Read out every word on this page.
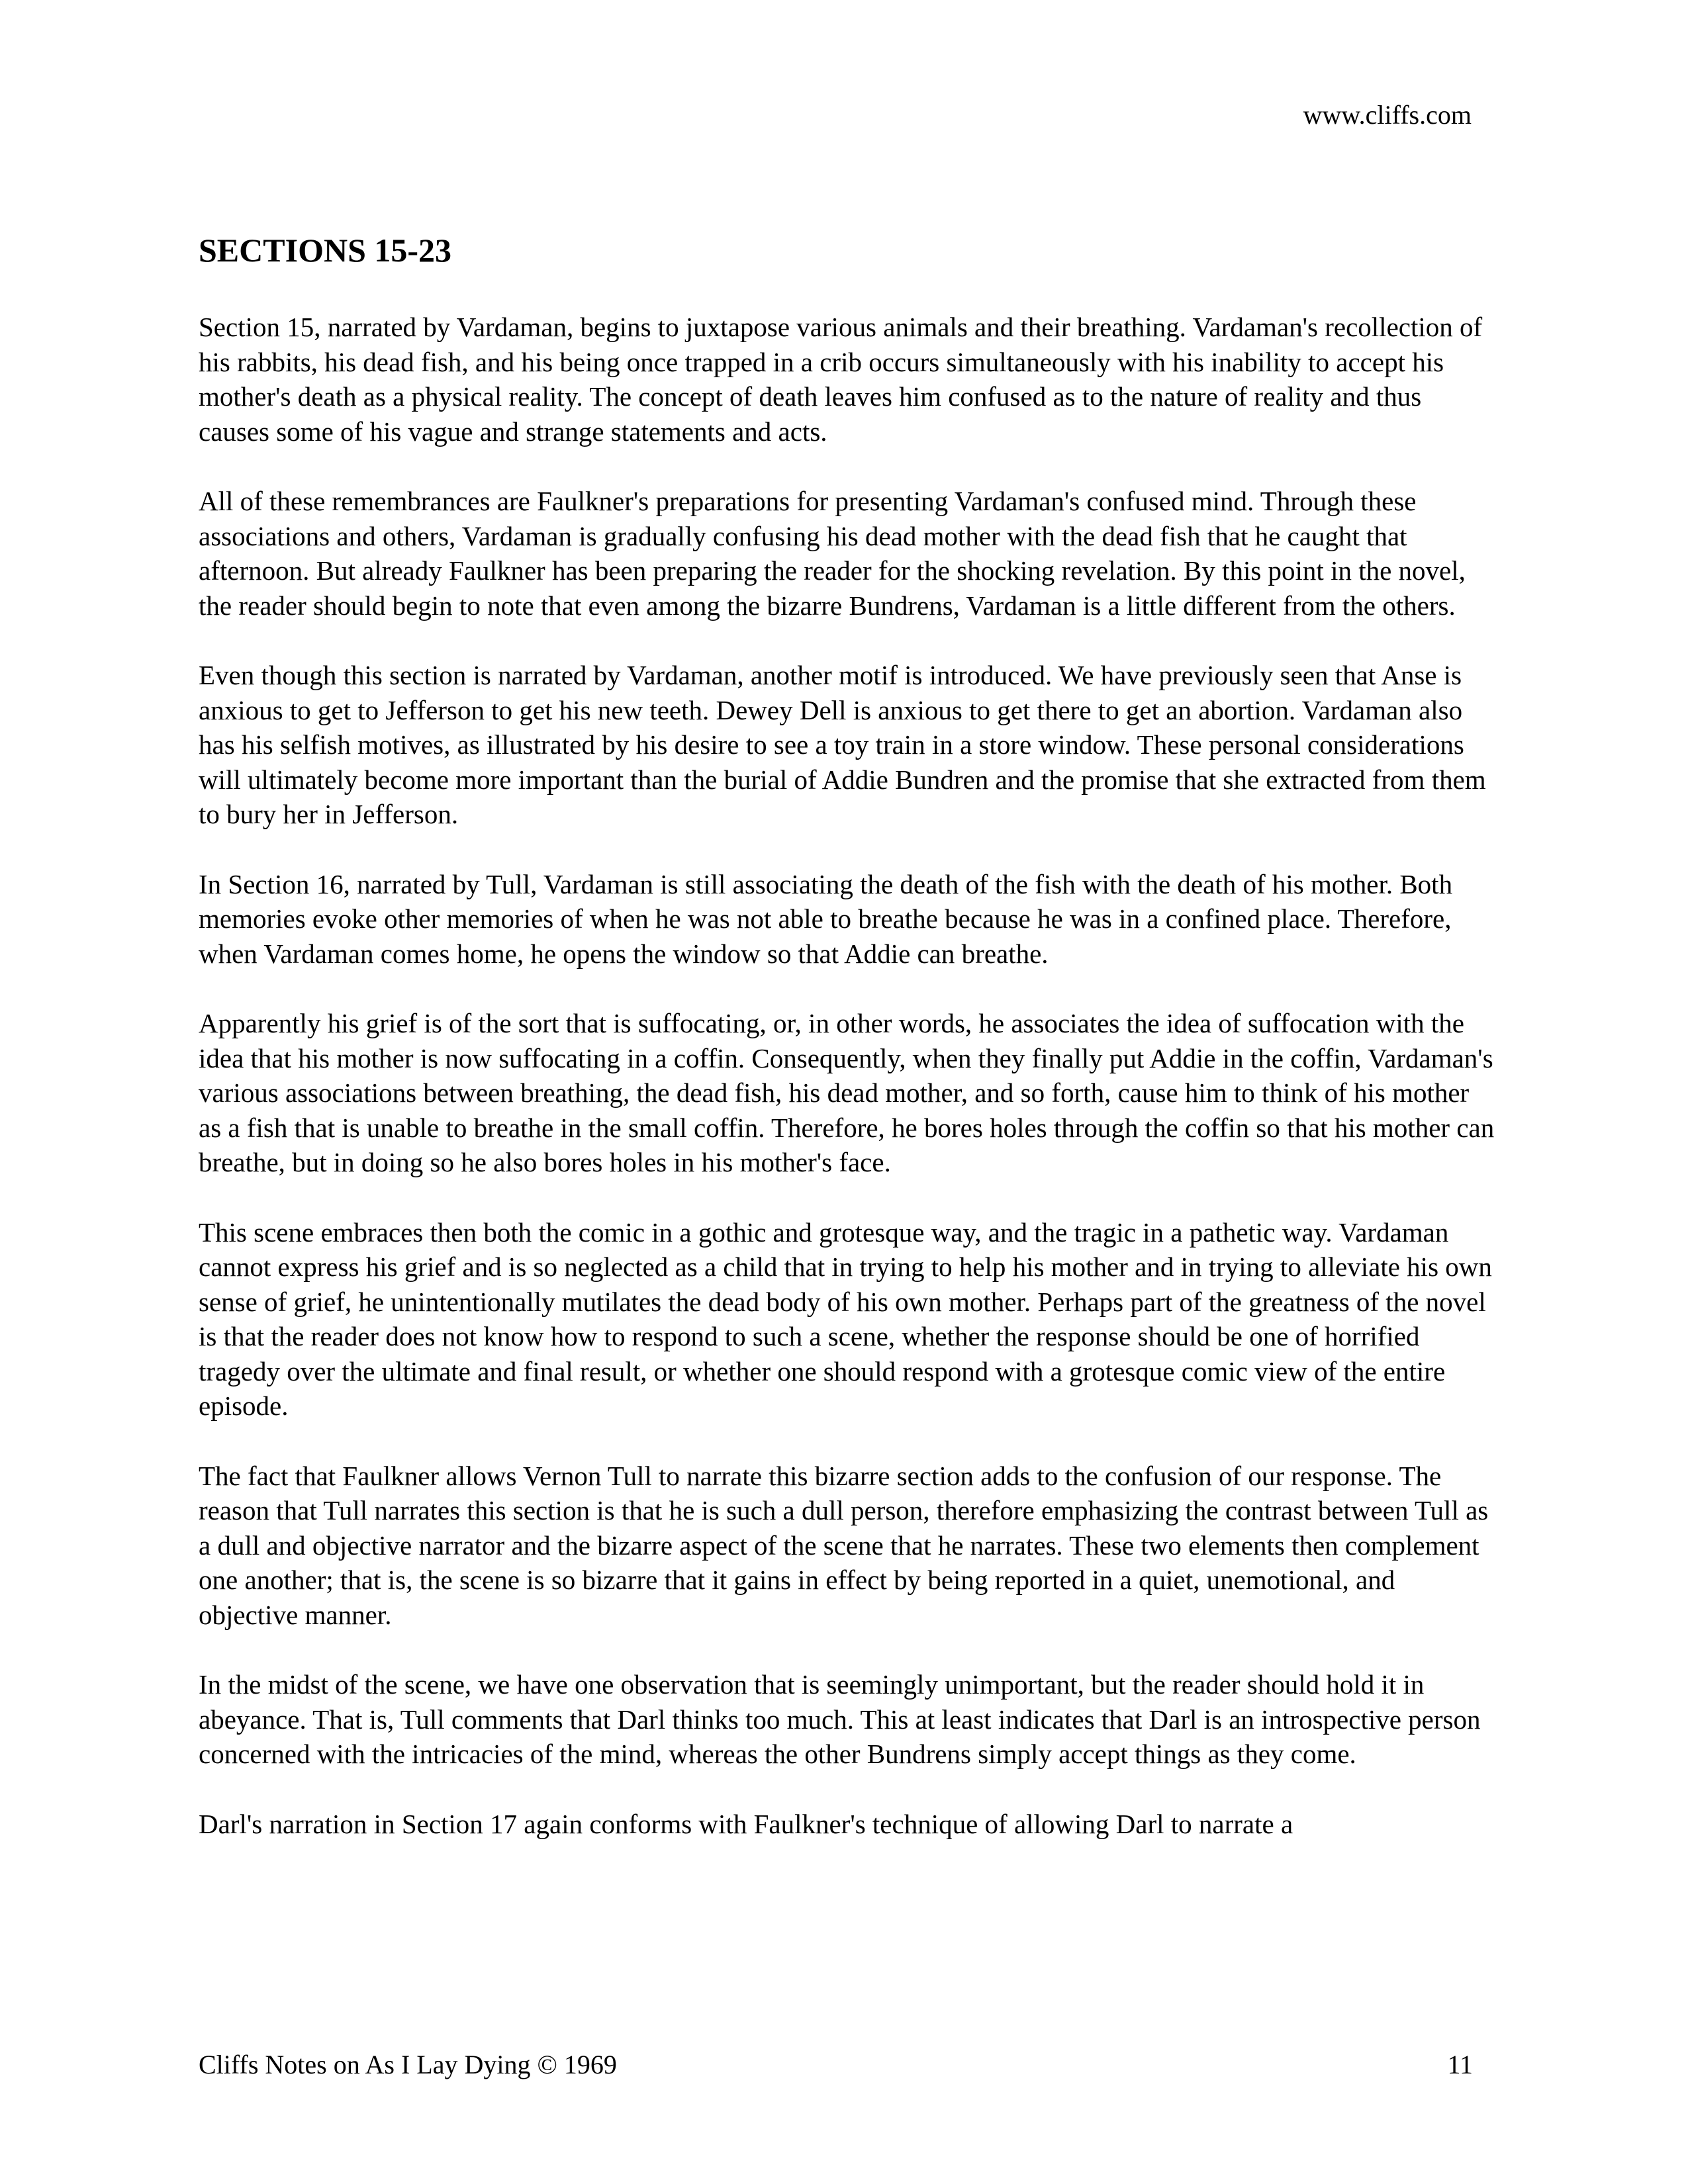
www.cliffs.com
SECTIONS 15-23

Section 15, narrated by Vardaman, begins to juxtapose various animals and their breathing. Vardaman's recollection of his rabbits, his dead fish, and his being once trapped in a crib occurs simultaneously with his inability to accept his mother's death as a physical reality. The concept of death leaves him confused as to the nature of reality and thus causes some of his vague and strange statements and acts.

All of these remembrances are Faulkner's preparations for presenting Vardaman's confused mind. Through these associations and others, Vardaman is gradually confusing his dead mother with the dead fish that he caught that afternoon. But already Faulkner has been preparing the reader for the shocking revelation. By this point in the novel, the reader should begin to note that even among the bizarre Bundrens, Vardaman is a little different from the others.

Even though this section is narrated by Vardaman, another motif is introduced. We have previously seen that Anse is anxious to get to Jefferson to get his new teeth. Dewey Dell is anxious to get there to get an abortion. Vardaman also has his selfish motives, as illustrated by his desire to see a toy train in a store window. These personal considerations will ultimately become more important than the burial of Addie Bundren and the promise that she extracted from them to bury her in Jefferson.

In Section 16, narrated by Tull, Vardaman is still associating the death of the fish with the death of his mother. Both memories evoke other memories of when he was not able to breathe because he was in a confined place. Therefore, when Vardaman comes home, he opens the window so that Addie can breathe.

Apparently his grief is of the sort that is suffocating, or, in other words, he associates the idea of suffocation with the idea that his mother is now suffocating in a coffin. Consequently, when they finally put Addie in the coffin, Vardaman's various associations between breathing, the dead fish, his dead mother, and so forth, cause him to think of his mother as a fish that is unable to breathe in the small coffin. Therefore, he bores holes through the coffin so that his mother can breathe, but in doing so he also bores holes in his mother's face.

This scene embraces then both the comic in a gothic and grotesque way, and the tragic in a pathetic way. Vardaman cannot express his grief and is so neglected as a child that in trying to help his mother and in trying to alleviate his own sense of grief, he unintentionally mutilates the dead body of his own mother. Perhaps part of the greatness of the novel is that the reader does not know how to respond to such a scene, whether the response should be one of horrified tragedy over the ultimate and final result, or whether one should respond with a grotesque comic view of the entire episode.

The fact that Faulkner allows Vernon Tull to narrate this bizarre section adds to the confusion of our response. The reason that Tull narrates this section is that he is such a dull person, therefore emphasizing the contrast between Tull as a dull and objective narrator and the bizarre aspect of the scene that he narrates. These two elements then complement one another; that is, the scene is so bizarre that it gains in effect by being reported in a quiet, unemotional, and objective manner.

In the midst of the scene, we have one observation that is seemingly unimportant, but the reader should hold it in abeyance. That is, Tull comments that Darl thinks too much. This at least indicates that Darl is an introspective person concerned with the intricacies of the mind, whereas the other Bundrens simply accept things as they come.

Darl's narration in Section 17 again conforms with Faulkner's technique of allowing Darl to narrate a

Cliffs Notes on As I Lay Dying © 1969	11
